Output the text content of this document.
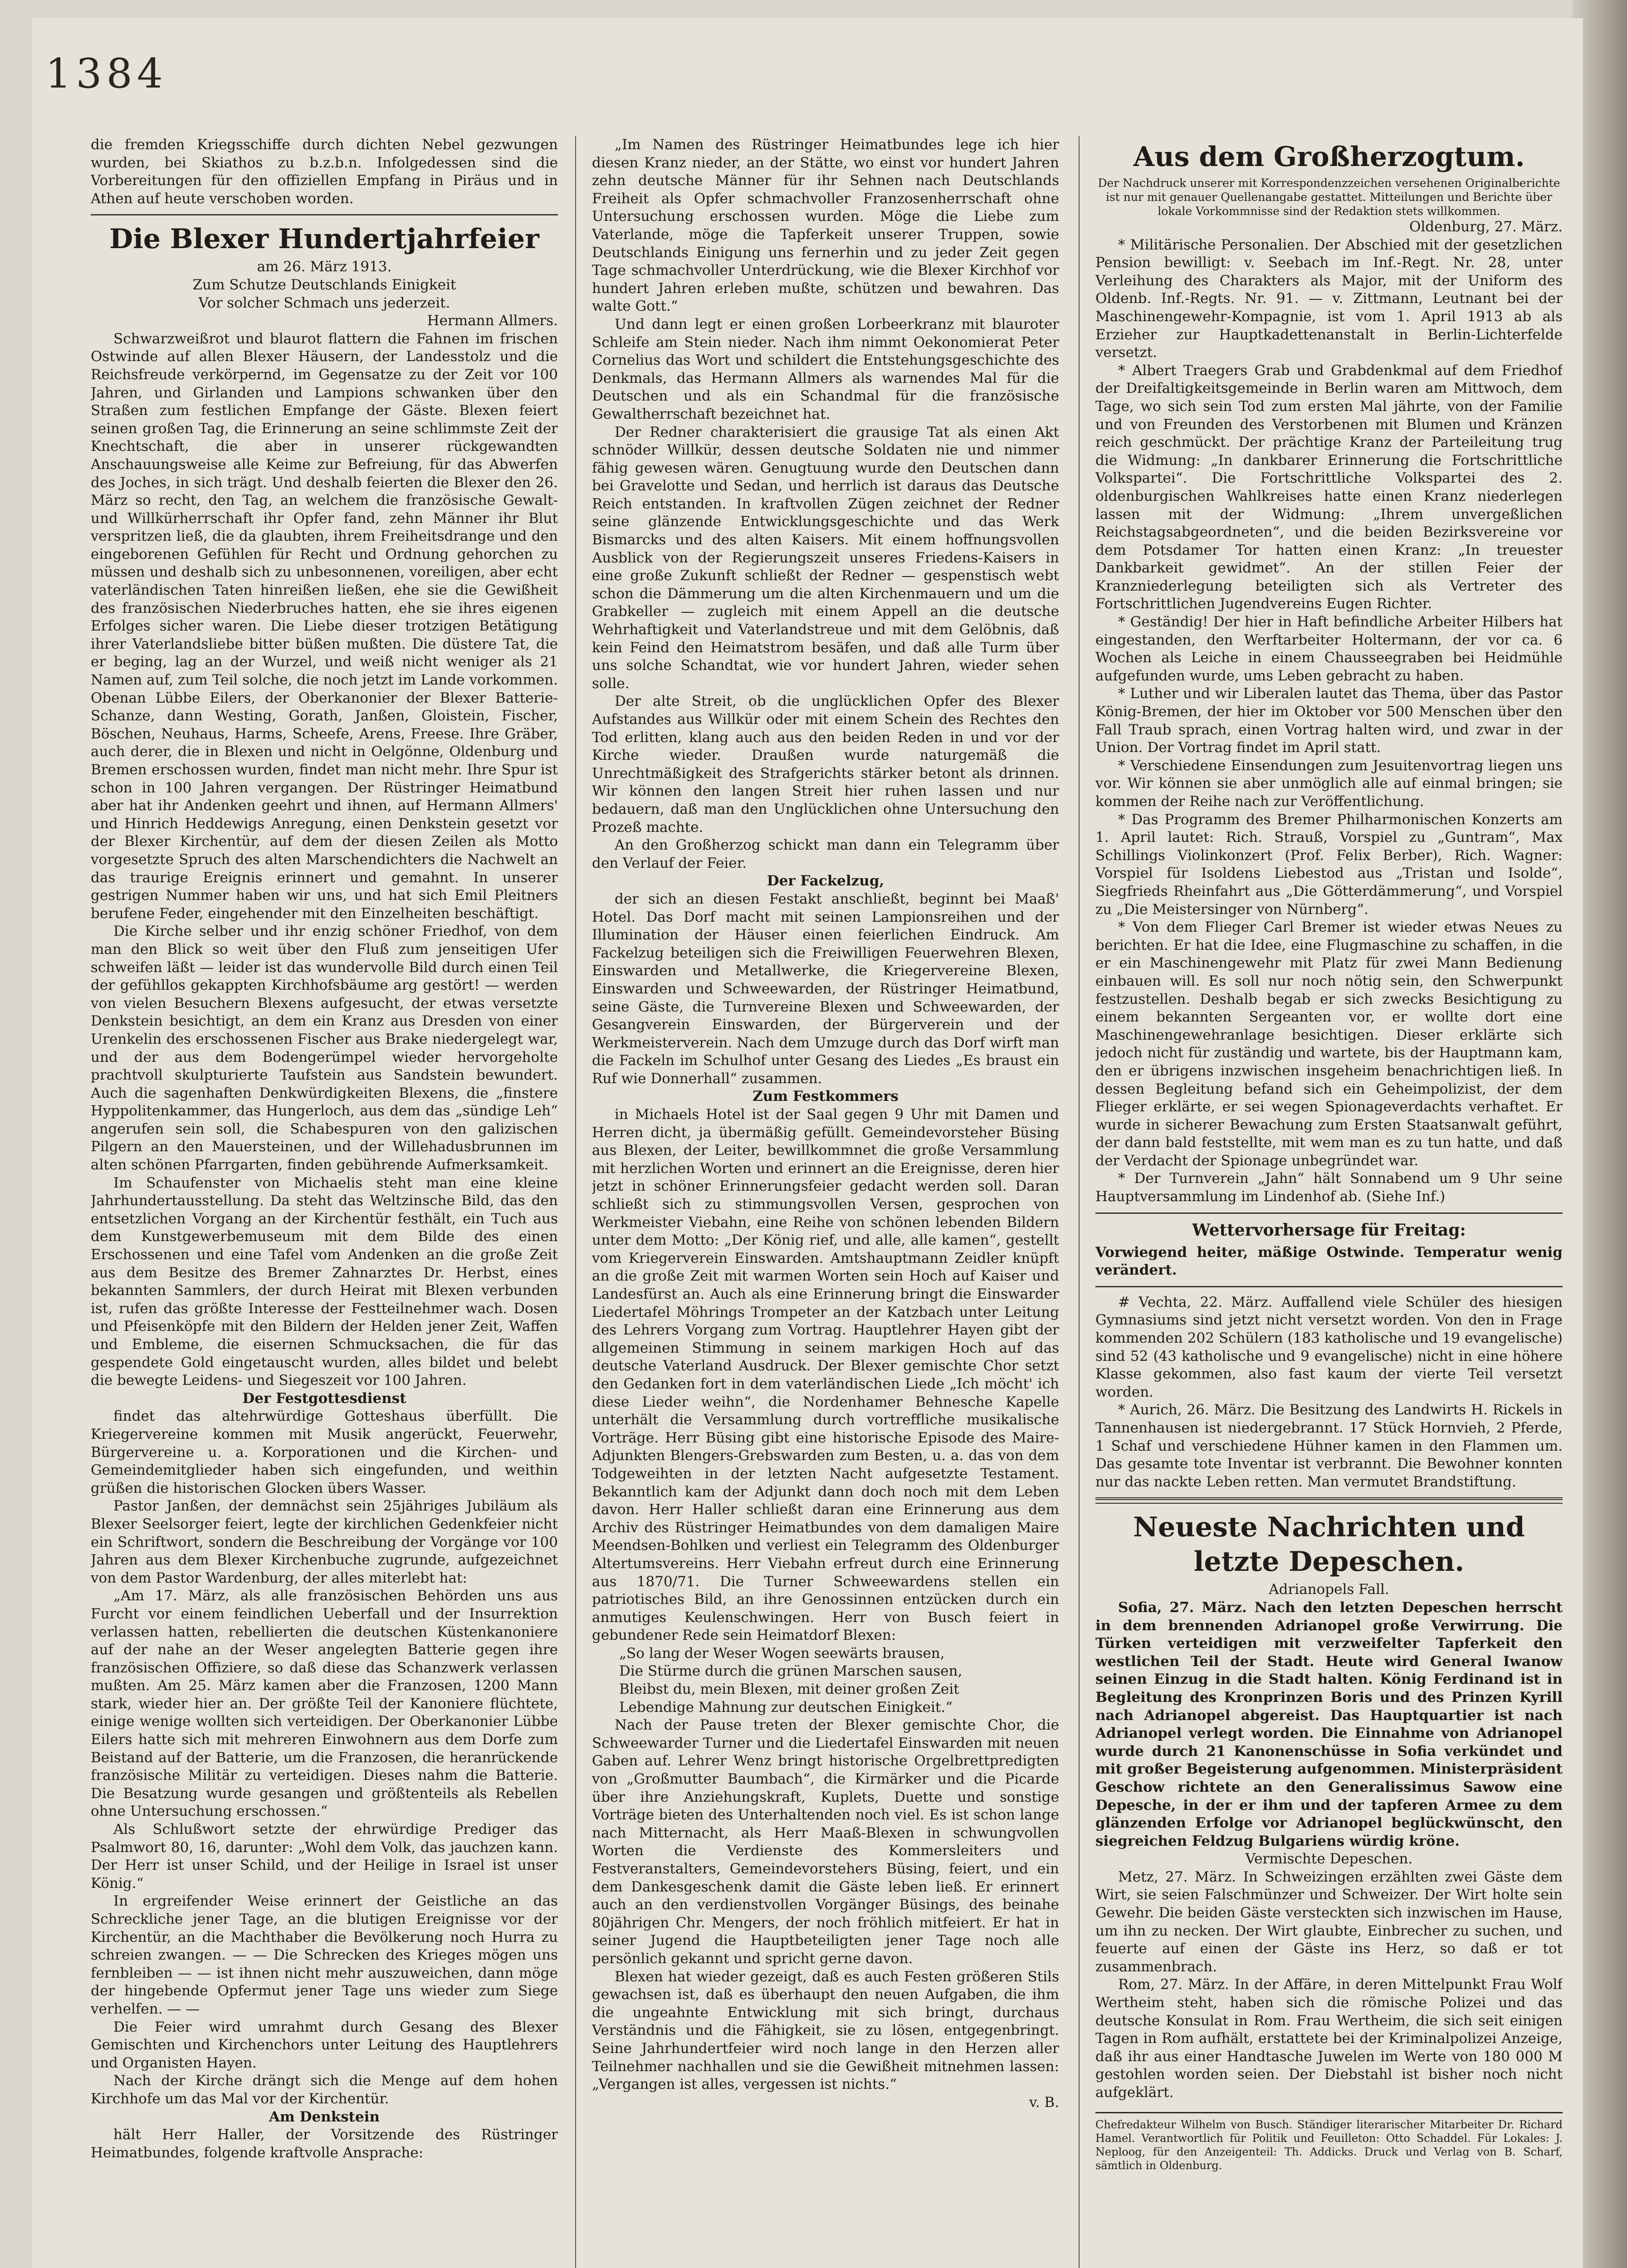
1384

die fremden Kriegsschiffe durch dichten Nebel gezwungen wurden, bei Skiathos zu b.z.b.n. Infolgedessen sind die Vorbereitungen für den offiziellen Empfang in Piräus und in Athen auf heute verschoben worden.

Die Blexer Hundertjahrfeier
am 26. März 1913.
Zum Schutze Deutschlands Einigkeit
Vor solcher Schmach uns jederzeit.
Hermann Allmers.

Schwarzweißrot und blaurot flattern die Fahnen im frischen Ostwinde auf allen Blexer Häusern, der Landesstolz und die Reichsfreude verkörpernd, im Gegensatze zu der Zeit vor 100 Jahren, und Girlanden und Lampions schwanken über den Straßen zum festlichen Empfange der Gäste. Blexen feiert seinen großen Tag, die Erinnerung an seine schlimmste Zeit der Knechtschaft, die aber in unserer rückgewandten Anschauungsweise alle Keime zur Befreiung, für das Abwerfen des Joches, in sich trägt. Und deshalb feierten die Blexer den 26. März so recht, den Tag, an welchem die französische Gewalt- und Willkürherrschaft ihr Opfer fand, zehn Männer ihr Blut verspritzen ließ, die da glaubten, ihrem Freiheitsdrange und den eingeborenen Gefühlen für Recht und Ordnung gehorchen zu müssen und deshalb sich zu unbesonnenen, voreiligen, aber echt vaterländischen Taten hinreißen ließen, ehe sie die Gewißheit des französischen Niederbruches hatten, ehe sie ihres eigenen Erfolges sicher waren. Die Liebe dieser trotzigen Betätigung ihrer Vaterlandsliebe bitter büßen mußten. Die düstere Tat, die er beging, lag an der Wurzel, und weiß nicht weniger als 21 Namen auf, zum Teil solche, die noch jetzt im Lande vorkommen. Obenan Lübbe Eilers, der Oberkanonier der Blexer Batterie-Schanze, dann Westing, Gorath, Janßen, Gloistein, Fischer, Böschen, Neuhaus, Harms, Scheefe, Arens, Freese. Ihre Gräber, auch derer, die in Blexen und nicht in Oelgönne, Oldenburg und Bremen erschossen wurden, findet man nicht mehr. Ihre Spur ist schon in 100 Jahren vergangen. Der Rüstringer Heimatbund aber hat ihr Andenken geehrt und ihnen, auf Hermann Allmers' und Hinrich Heddewigs Anregung, einen Denkstein gesetzt vor der Blexer Kirchentür, auf dem der diesen Zeilen als Motto vorgesetzte Spruch des alten Marschendichters die Nachwelt an das traurige Ereignis erinnert und gemahnt. In unserer gestrigen Nummer haben wir uns, und hat sich Emil Pleitners berufene Feder, eingehender mit den Einzelheiten beschäftigt.

Die Kirche selber und ihr enzig schöner Friedhof, von dem man den Blick so weit über den Fluß zum jenseitigen Ufer schweifen läßt — leider ist das wundervolle Bild durch einen Teil der gefühllos gekappten Kirchhofsbäume arg gestört! — werden von vielen Besuchern Blexens aufgesucht, der etwas versetzte Denkstein besichtigt, an dem ein Kranz aus Dresden von einer Urenkelin des erschossenen Fischer aus Brake niedergelegt war, und der aus dem Bodengerümpel wieder hervorgeholte prachtvoll skulpturierte Taufstein aus Sandstein bewundert. Auch die sagenhaften Denkwürdigkeiten Blexens, die „finstere Hyppolitenkammer, das Hungerloch, aus dem das „sündige Leh“ angerufen sein soll, die Schabespuren von den galizischen Pilgern an den Mauersteinen, und der Willehadusbrunnen im alten schönen Pfarrgarten, finden gebührende Aufmerksamkeit.

Im Schaufenster von Michaelis steht man eine kleine Jahrhundertausstellung. Da steht das Weltzinsche Bild, das den entsetzlichen Vorgang an der Kirchentür festhält, ein Tuch aus dem Kunstgewerbemuseum mit dem Bilde des einen Erschossenen und eine Tafel vom Andenken an die große Zeit aus dem Besitze des Bremer Zahnarztes Dr. Herbst, eines bekannten Sammlers, der durch Heirat mit Blexen verbunden ist, rufen das größte Interesse der Festteilnehmer wach. Dosen und Pfeisenköpfe mit den Bildern der Helden jener Zeit, Waffen und Embleme, die eisernen Schmucksachen, die für das gespendete Gold eingetauscht wurden, alles bildet und belebt die bewegte Leidens- und Siegeszeit vor 100 Jahren.

Der Festgottesdienst

findet das altehrwürdige Gotteshaus überfüllt. Die Kriegervereine kommen mit Musik angerückt, Feuerwehr, Bürgervereine u. a. Korporationen und die Kirchen- und Gemeindemitglieder haben sich eingefunden, und weithin grüßen die historischen Glocken übers Wasser.

Pastor Janßen, der demnächst sein 25jähriges Jubiläum als Blexer Seelsorger feiert, legte der kirchlichen Gedenkfeier nicht ein Schriftwort, sondern die Beschreibung der Vorgänge vor 100 Jahren aus dem Blexer Kirchenbuche zugrunde, aufgezeichnet von dem Pastor Wardenburg, der alles miterlebt hat:

„Am 17. März, als alle französischen Behörden uns aus Furcht vor einem feindlichen Ueberfall und der Insurrektion verlassen hatten, rebellierten die deutschen Küstenkanoniere auf der nahe an der Weser angelegten Batterie gegen ihre französischen Offiziere, so daß diese das Schanzwerk verlassen mußten. Am 25. März kamen aber die Franzosen, 1200 Mann stark, wieder hier an. Der größte Teil der Kanoniere flüchtete, einige wenige wollten sich verteidigen. Der Oberkanonier Lübbe Eilers hatte sich mit mehreren Einwohnern aus dem Dorfe zum Beistand auf der Batterie, um die Franzosen, die heranrückende französische Militär zu verteidigen. Dieses nahm die Batterie. Die Besatzung wurde gesangen und größtenteils als Rebellen ohne Untersuchung erschossen.“

Als Schlußwort setzte der ehrwürdige Prediger das Psalmwort 80, 16, darunter: „Wohl dem Volk, das jauchzen kann. Der Herr ist unser Schild, und der Heilige in Israel ist unser König.“

In ergreifender Weise erinnert der Geistliche an das Schreckliche jener Tage, an die blutigen Ereignisse vor der Kirchentür, an die Machthaber die Bevölkerung noch Hurra zu schreien zwangen. — — Die Schrecken des Krieges mögen uns fernbleiben — — ist ihnen nicht mehr auszuweichen, dann möge der hingebende Opfermut jener Tage uns wieder zum Siege verhelfen. — —

Die Feier wird umrahmt durch Gesang des Blexer Gemischten und Kirchenchors unter Leitung des Hauptlehrers und Organisten Hayen.

Nach der Kirche drängt sich die Menge auf dem hohen Kirchhofe um das Mal vor der Kirchentür.

Am Denkstein

hält Herr Haller, der Vorsitzende des Rüstringer Heimatbundes, folgende kraftvolle Ansprache:

„Im Namen des Rüstringer Heimatbundes lege ich hier diesen Kranz nieder, an der Stätte, wo einst vor hundert Jahren zehn deutsche Männer für ihr Sehnen nach Deutschlands Freiheit als Opfer schmachvoller Franzosenherrschaft ohne Untersuchung erschossen wurden. Möge die Liebe zum Vaterlande, möge die Tapferkeit unserer Truppen, sowie Deutschlands Einigung uns fernerhin und zu jeder Zeit gegen Tage schmachvoller Unterdrückung, wie die Blexer Kirchhof vor hundert Jahren erleben mußte, schützen und bewahren. Das walte Gott.“

Und dann legt er einen großen Lorbeerkranz mit blauroter Schleife am Stein nieder. Nach ihm nimmt Oekonomierat Peter Cornelius das Wort und schildert die Entstehungsgeschichte des Denkmals, das Hermann Allmers als warnendes Mal für die Deutschen und als ein Schandmal für die französische Gewaltherrschaft bezeichnet hat.

Der Redner charakterisiert die grausige Tat als einen Akt schnöder Willkür, dessen deutsche Soldaten nie und nimmer fähig gewesen wären. Genugtuung wurde den Deutschen dann bei Gravelotte und Sedan, und herrlich ist daraus das Deutsche Reich entstanden. In kraftvollen Zügen zeichnet der Redner seine glänzende Entwicklungsgeschichte und das Werk Bismarcks und des alten Kaisers. Mit einem hoffnungsvollen Ausblick von der Regierungszeit unseres Friedens-Kaisers in eine große Zukunft schließt der Redner — gespenstisch webt schon die Dämmerung um die alten Kirchenmauern und um die Grabkeller — zugleich mit einem Appell an die deutsche Wehrhaftigkeit und Vaterlandstreue und mit dem Gelöbnis, daß kein Feind den Heimatstrom besäfen, und daß alle Turm über uns solche Schandtat, wie vor hundert Jahren, wieder sehen solle.

Der alte Streit, ob die unglücklichen Opfer des Blexer Aufstandes aus Willkür oder mit einem Schein des Rechtes den Tod erlitten, klang auch aus den beiden Reden in und vor der Kirche wieder. Draußen wurde naturgemäß die Unrechtmäßigkeit des Strafgerichts stärker betont als drinnen. Wir können den langen Streit hier ruhen lassen und nur bedauern, daß man den Unglücklichen ohne Untersuchung den Prozeß machte.

An den Großherzog schickt man dann ein Telegramm über den Verlauf der Feier.

Der Fackelzug,

der sich an diesen Festakt anschließt, beginnt bei Maaß' Hotel. Das Dorf macht mit seinen Lampionsreihen und der Illumination der Häuser einen feierlichen Eindruck. Am Fackelzug beteiligen sich die Freiwilligen Feuerwehren Blexen, Einswarden und Metallwerke, die Kriegervereine Blexen, Einswarden und Schweewarden, der Rüstringer Heimatbund, seine Gäste, die Turnvereine Blexen und Schweewarden, der Gesangverein Einswarden, der Bürgerverein und der Werkmeisterverein. Nach dem Umzuge durch das Dorf wirft man die Fackeln im Schulhof unter Gesang des Liedes „Es braust ein Ruf wie Donnerhall“ zusammen.

Zum Festkommers

in Michaels Hotel ist der Saal gegen 9 Uhr mit Damen und Herren dicht, ja übermäßig gefüllt. Gemeindevorsteher Büsing aus Blexen, der Leiter, bewillkommnet die große Versammlung mit herzlichen Worten und erinnert an die Ereignisse, deren hier jetzt in schöner Erinnerungsfeier gedacht werden soll. Daran schließt sich zu stimmungsvollen Versen, gesprochen von Werkmeister Viebahn, eine Reihe von schönen lebenden Bildern unter dem Motto: „Der König rief, und alle, alle kamen“, gestellt vom Kriegerverein Einswarden. Amtshauptmann Zeidler knüpft an die große Zeit mit warmen Worten sein Hoch auf Kaiser und Landesfürst an. Auch als eine Erinnerung bringt die Einswarder Liedertafel Möhrings Trompeter an der Katzbach unter Leitung des Lehrers Vorgang zum Vortrag. Hauptlehrer Hayen gibt der allgemeinen Stimmung in seinem markigen Hoch auf das deutsche Vaterland Ausdruck. Der Blexer gemischte Chor setzt den Gedanken fort in dem vaterländischen Liede „Ich möcht' ich diese Lieder weihn“, die Nordenhamer Behnesche Kapelle unterhält die Versammlung durch vortreffliche musikalische Vorträge. Herr Büsing gibt eine historische Episode des Maire-Adjunkten Blengers-Grebswarden zum Besten, u. a. das von dem Todgeweihten in der letzten Nacht aufgesetzte Testament. Bekanntlich kam der Adjunkt dann doch noch mit dem Leben davon. Herr Haller schließt daran eine Erinnerung aus dem Archiv des Rüstringer Heimatbundes von dem damaligen Maire Meendsen-Bohlken und verliest ein Telegramm des Oldenburger Altertumsvereins. Herr Viebahn erfreut durch eine Erinnerung aus 1870/71. Die Turner Schweewardens stellen ein patriotisches Bild, an ihre Genossinnen entzücken durch ein anmutiges Keulenschwingen. Herr von Busch feiert in gebundener Rede sein Heimatdorf Blexen:

„So lang der Weser Wogen seewärts brausen,
Die Stürme durch die grünen Marschen sausen,
Bleibst du, mein Blexen, mit deiner großen Zeit
Lebendige Mahnung zur deutschen Einigkeit.“

Nach der Pause treten der Blexer gemischte Chor, die Schweewarder Turner und die Liedertafel Einswarden mit neuen Gaben auf. Lehrer Wenz bringt historische Orgelbrettpredigten von „Großmutter Baumbach“, die Kirmärker und die Picarde über ihre Anziehungskraft, Kuplets, Duette und sonstige Vorträge bieten des Unterhaltenden noch viel. Es ist schon lange nach Mitternacht, als Herr Maaß-Blexen in schwungvollen Worten die Verdienste des Kommersleiters und Festveranstalters, Gemeindevorstehers Büsing, feiert, und ein dem Dankesgeschenk damit die Gäste leben ließ. Er erinnert auch an den verdienstvollen Vorgänger Büsings, des beinahe 80jährigen Chr. Mengers, der noch fröhlich mitfeiert. Er hat in seiner Jugend die Hauptbeteiligten jener Tage noch alle persönlich gekannt und spricht gerne davon.

Blexen hat wieder gezeigt, daß es auch Festen größeren Stils gewachsen ist, daß es überhaupt den neuen Aufgaben, die ihm die ungeahnte Entwicklung mit sich bringt, durchaus Verständnis und die Fähigkeit, sie zu lösen, entgegenbringt. Seine Jahrhundertfeier wird noch lange in den Herzen aller Teilnehmer nachhallen und sie die Gewißheit mitnehmen lassen: „Vergangen ist alles, vergessen ist nichts.“

v. B.
Aus dem Großherzogtum.

Der Nachdruck unserer mit Korrespondenzzeichen versehenen Originalberichte ist nur mit genauer Quellenangabe gestattet. Mitteilungen und Berichte über lokale Vorkommnisse sind der Redaktion stets willkommen.

Oldenburg, 27. März.

* Militärische Personalien. Der Abschied mit der gesetzlichen Pension bewilligt: v. Seebach im Inf.-Regt. Nr. 28, unter Verleihung des Charakters als Major, mit der Uniform des Oldenb. Inf.-Regts. Nr. 91. — v. Zittmann, Leutnant bei der Maschinengewehr-Kompagnie, ist vom 1. April 1913 ab als Erzieher zur Hauptkadettenanstalt in Berlin-Lichterfelde versetzt.

* Albert Traegers Grab und Grabdenkmal auf dem Friedhof der Dreifaltigkeitsgemeinde in Berlin waren am Mittwoch, dem Tage, wo sich sein Tod zum ersten Mal jährte, von der Familie und von Freunden des Verstorbenen mit Blumen und Kränzen reich geschmückt. Der prächtige Kranz der Parteileitung trug die Widmung: „In dankbarer Erinnerung die Fortschrittliche Volkspartei“. Die Fortschrittliche Volkspartei des 2. oldenburgischen Wahlkreises hatte einen Kranz niederlegen lassen mit der Widmung: „Ihrem unvergeßlichen Reichstagsabgeordneten“, und die beiden Bezirksvereine vor dem Potsdamer Tor hatten einen Kranz: „In treuester Dankbarkeit gewidmet“. An der stillen Feier der Kranzniederlegung beteiligten sich als Vertreter des Fortschrittlichen Jugendvereins Eugen Richter.

* Geständig! Der hier in Haft befindliche Arbeiter Hilbers hat eingestanden, den Werftarbeiter Holtermann, der vor ca. 6 Wochen als Leiche in einem Chausseegraben bei Heidmühle aufgefunden wurde, ums Leben gebracht zu haben.

* Luther und wir Liberalen lautet das Thema, über das Pastor König-Bremen, der hier im Oktober vor 500 Menschen über den Fall Traub sprach, einen Vortrag halten wird, und zwar in der Union. Der Vortrag findet im April statt.

* Verschiedene Einsendungen zum Jesuitenvortrag liegen uns vor. Wir können sie aber unmöglich alle auf einmal bringen; sie kommen der Reihe nach zur Veröffentlichung.

* Das Programm des Bremer Philharmonischen Konzerts am 1. April lautet: Rich. Strauß, Vorspiel zu „Guntram“, Max Schillings Violinkonzert (Prof. Felix Berber), Rich. Wagner: Vorspiel für Isoldens Liebestod aus „Tristan und Isolde“, Siegfrieds Rheinfahrt aus „Die Götterdämmerung“, und Vorspiel zu „Die Meistersinger von Nürnberg“.

* Von dem Flieger Carl Bremer ist wieder etwas Neues zu berichten. Er hat die Idee, eine Flugmaschine zu schaffen, in die er ein Maschinengewehr mit Platz für zwei Mann Bedienung einbauen will. Es soll nur noch nötig sein, den Schwerpunkt festzustellen. Deshalb begab er sich zwecks Besichtigung zu einem bekannten Sergeanten vor, er wollte dort eine Maschinengewehranlage besichtigen. Dieser erklärte sich jedoch nicht für zuständig und wartete, bis der Hauptmann kam, den er übrigens inzwischen insgeheim benachrichtigen ließ. In dessen Begleitung befand sich ein Geheimpolizist, der dem Flieger erklärte, er sei wegen Spionageverdachts verhaftet. Er wurde in sicherer Bewachung zum Ersten Staatsanwalt geführt, der dann bald feststellte, mit wem man es zu tun hatte, und daß der Verdacht der Spionage unbegründet war.

* Der Turnverein „Jahn“ hält Sonnabend um 9 Uhr seine Hauptversammlung im Lindenhof ab. (Siehe Inf.)

Wettervorhersage für Freitag:

Vorwiegend heiter, mäßige Ostwinde. Temperatur wenig verändert.

# Vechta, 22. März. Auffallend viele Schüler des hiesigen Gymnasiums sind jetzt nicht versetzt worden. Von den in Frage kommenden 202 Schülern (183 katholische und 19 evangelische) sind 52 (43 katholische und 9 evangelische) nicht in eine höhere Klasse gekommen, also fast kaum der vierte Teil versetzt worden.

* Aurich, 26. März. Die Besitzung des Landwirts H. Rickels in Tannenhausen ist niedergebrannt. 17 Stück Hornvieh, 2 Pferde, 1 Schaf und verschiedene Hühner kamen in den Flammen um. Das gesamte tote Inventar ist verbrannt. Die Bewohner konnten nur das nackte Leben retten. Man vermutet Brandstiftung.

Neueste Nachrichten und letzte Depeschen.
Adrianopels Fall.

Sofia, 27. März. Nach den letzten Depeschen herrscht in dem brennenden Adrianopel große Verwirrung. Die Türken verteidigen mit verzweifelter Tapferkeit den westlichen Teil der Stadt. Heute wird General Iwanow seinen Einzug in die Stadt halten. König Ferdinand ist in Begleitung des Kronprinzen Boris und des Prinzen Kyrill nach Adrianopel abgereist. Das Hauptquartier ist nach Adrianopel verlegt worden. Die Einnahme von Adrianopel wurde durch 21 Kanonenschüsse in Sofia verkündet und mit großer Begeisterung aufgenommen. Ministerpräsident Geschow richtete an den Generalissimus Sawow eine Depesche, in der er ihm und der tapferen Armee zu dem glänzenden Erfolge vor Adrianopel beglückwünscht, den siegreichen Feldzug Bulgariens würdig kröne.

Vermischte Depeschen.

Metz, 27. März. In Schweizingen erzählten zwei Gäste dem Wirt, sie seien Falschmünzer und Schweizer. Der Wirt holte sein Gewehr. Die beiden Gäste versteckten sich inzwischen im Hause, um ihn zu necken. Der Wirt glaubte, Einbrecher zu suchen, und feuerte auf einen der Gäste ins Herz, so daß er tot zusammenbrach.

Rom, 27. März. In der Affäre, in deren Mittelpunkt Frau Wolf Wertheim steht, haben sich die römische Polizei und das deutsche Konsulat in Rom. Frau Wertheim, die sich seit einigen Tagen in Rom aufhält, erstattete bei der Kriminalpolizei Anzeige, daß ihr aus einer Handtasche Juwelen im Werte von 180 000 M gestohlen worden seien. Der Diebstahl ist bisher noch nicht aufgeklärt.

Chefredakteur Wilhelm von Busch. Ständiger literarischer Mitarbeiter Dr. Richard Hamel. Verantwortlich für Politik und Feuilleton: Otto Schaddel. Für Lokales: J. Neploog, für den Anzeigenteil: Th. Addicks. Druck und Verlag von B. Scharf, sämtlich in Oldenburg.
